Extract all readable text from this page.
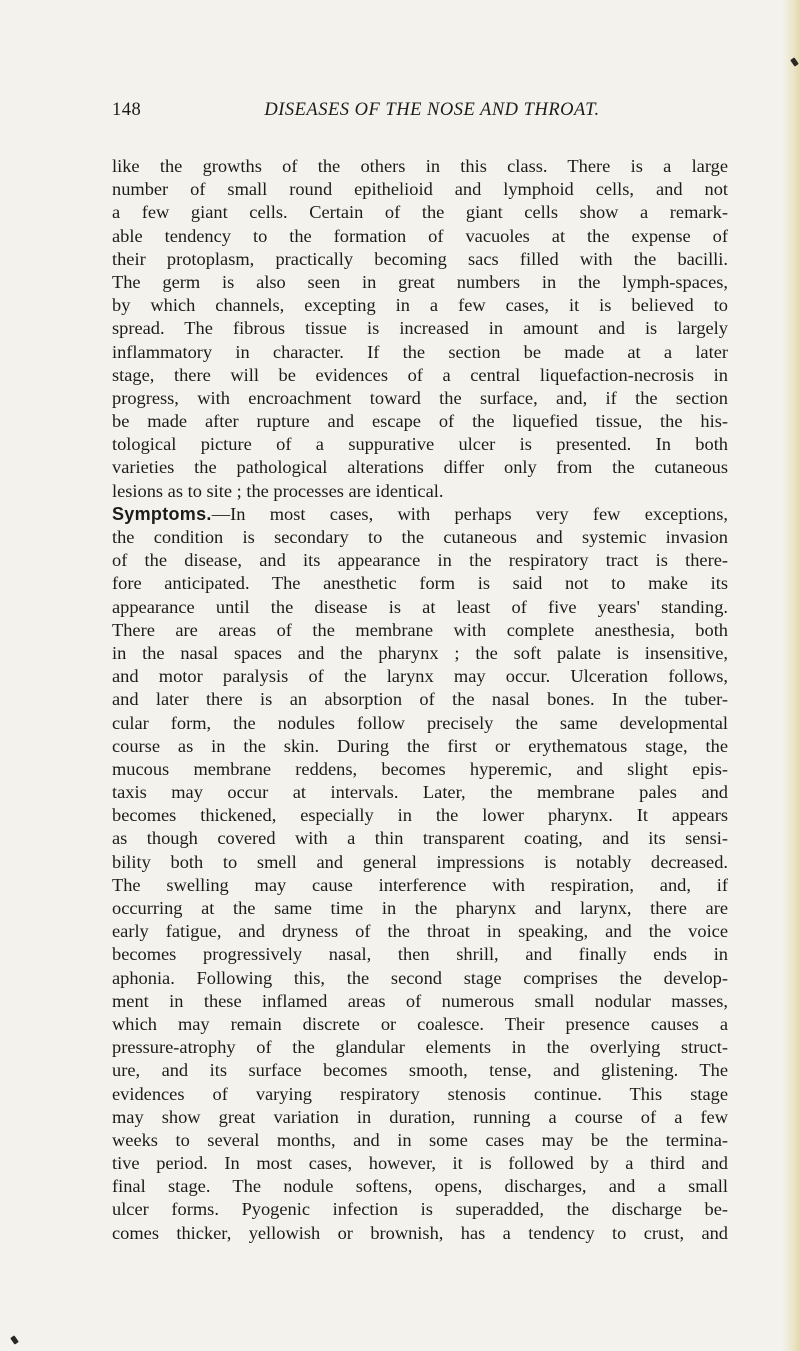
148	DISEASES OF THE NOSE AND THROAT.
like the growths of the others in this class. There is a large
number of small round epithelioid and lymphoid cells, and not
a few giant cells. Certain of the giant cells show a remark-
able tendency to the formation of vacuoles at the expense of
their protoplasm, practically becoming sacs filled with the bacilli.
The germ is also seen in great numbers in the lymph-spaces,
by which channels, excepting in a few cases, it is believed to
spread. The fibrous tissue is increased in amount and is largely
inflammatory in character. If the section be made at a later
stage, there will be evidences of a central liquefaction-necrosis in
progress, with encroachment toward the surface, and, if the section
be made after rupture and escape of the liquefied tissue, the his-
tological picture of a suppurative ulcer is presented. In both
varieties the pathological alterations differ only from the cutaneous
lesions as to site ; the processes are identical.
Symptoms.—In most cases, with perhaps very few exceptions,
the condition is secondary to the cutaneous and systemic invasion
of the disease, and its appearance in the respiratory tract is there-
fore anticipated. The anesthetic form is said not to make its
appearance until the disease is at least of five years' standing.
There are areas of the membrane with complete anesthesia, both
in the nasal spaces and the pharynx ; the soft palate is insensitive,
and motor paralysis of the larynx may occur. Ulceration follows,
and later there is an absorption of the nasal bones. In the tuber-
cular form, the nodules follow precisely the same developmental
course as in the skin. During the first or erythematous stage, the
mucous membrane reddens, becomes hyperemic, and slight epis-
taxis may occur at intervals. Later, the membrane pales and
becomes thickened, especially in the lower pharynx. It appears
as though covered with a thin transparent coating, and its sensi-
bility both to smell and general impressions is notably decreased.
The swelling may cause interference with respiration, and, if
occurring at the same time in the pharynx and larynx, there are
early fatigue, and dryness of the throat in speaking, and the voice
becomes progressively nasal, then shrill, and finally ends in
aphonia. Following this, the second stage comprises the develop-
ment in these inflamed areas of numerous small nodular masses,
which may remain discrete or coalesce. Their presence causes a
pressure-atrophy of the glandular elements in the overlying struct-
ure, and its surface becomes smooth, tense, and glistening. The
evidences of varying respiratory stenosis continue. This stage
may show great variation in duration, running a course of a few
weeks to several months, and in some cases may be the termina-
tive period. In most cases, however, it is followed by a third and
final stage. The nodule softens, opens, discharges, and a small
ulcer forms. Pyogenic infection is superadded, the discharge be-
comes thicker, yellowish or brownish, has a tendency to crust, and
